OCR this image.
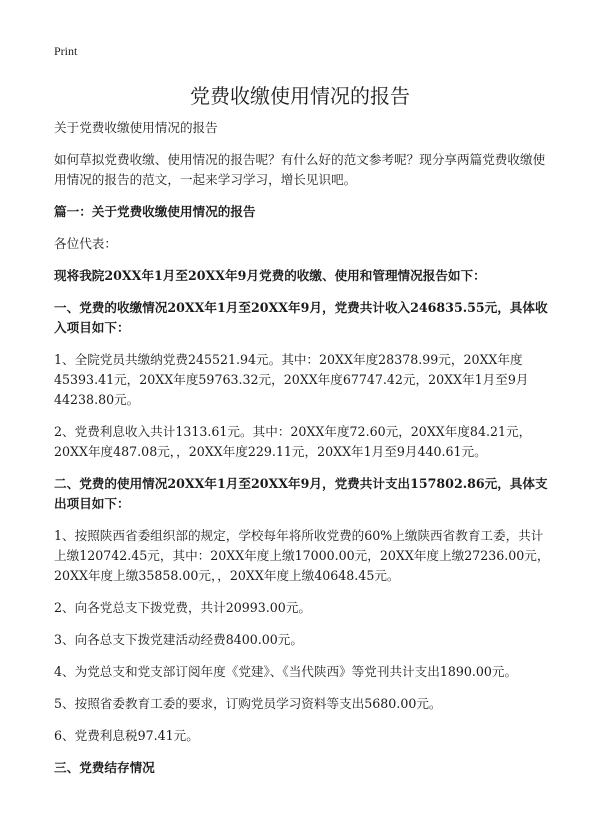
Print
党费收缴使用情况的报告

关于党费收缴使用情况的报告

如何草拟党费收缴、使用情况的报告呢？有什么好的范文参考呢？现分享两篇党费收缴使用情况的报告的范文，一起来学习学习，增长见识吧。

篇一：关于党费收缴使用情况的报告

各位代表：

现将我院20XX年1月至20XX年9月党费的收缴、使用和管理情况报告如下：

一、党费的收缴情况20XX年1月至20XX年9月，党费共计收入246835.55元，具体收入项目如下：

1、全院党员共缴纳党费245521.94元。其中：20XX年度28378.99元，20XX年度45393.41元，20XX年度59763.32元，20XX年度67747.42元，20XX年1月至9月44238.80元。

2、党费利息收入共计1313.61元。其中：20XX年度72.60元，20XX年度84.21元，20XX年度487.08元，，20XX年度229.11元，20XX年1月至9月440.61元。

二、党费的使用情况20XX年1月至20XX年9月，党费共计支出157802.86元，具体支出项目如下：

1、按照陕西省委组织部的规定，学校每年将所收党费的60%上缴陕西省教育工委，共计上缴120742.45元，其中：20XX年度上缴17000.00元，20XX年度上缴27236.00元，20XX年度上缴35858.00元，，20XX年度上缴40648.45元。

2、向各党总支下拨党费，共计20993.00元。

3、向各总支下拨党建活动经费8400.00元。

4、为党总支和党支部订阅年度《党建》、《当代陕西》等党刊共计支出1890.00元。

5、按照省委教育工委的要求，订购党员学习资料等支出5680.00元。

6、党费利息税97.41元。

三、党费结存情况
